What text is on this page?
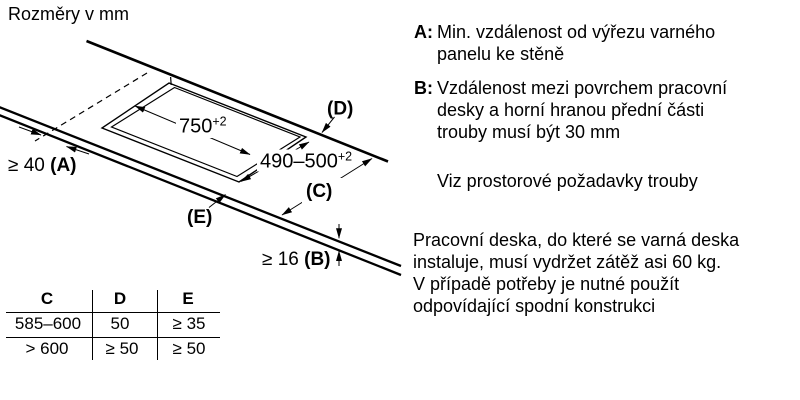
Rozměry v mm
$750^{+2}$
$490-500^{+2}$
(C)
(D)
(E)
≥ 16 (B)
≥ 40 (A)
C	D	E
585–600 50	≥ 35
> 600 ≥ 50 ≥ 50
A: Min. vzdálenost od výřezu varného
panelu ke stěně
B: Vzdálenost mezi povrchem pracovní
desky a horní hranou přední části
trouby musí být 30 mm
Viz prostorové požadavky trouby
Pracovní deska, do které se varná deska
instaluje, musí vydržet zátěž asi 60 kg.
V případě potřeby je nutné použít
odpovídající spodní konstrukci
